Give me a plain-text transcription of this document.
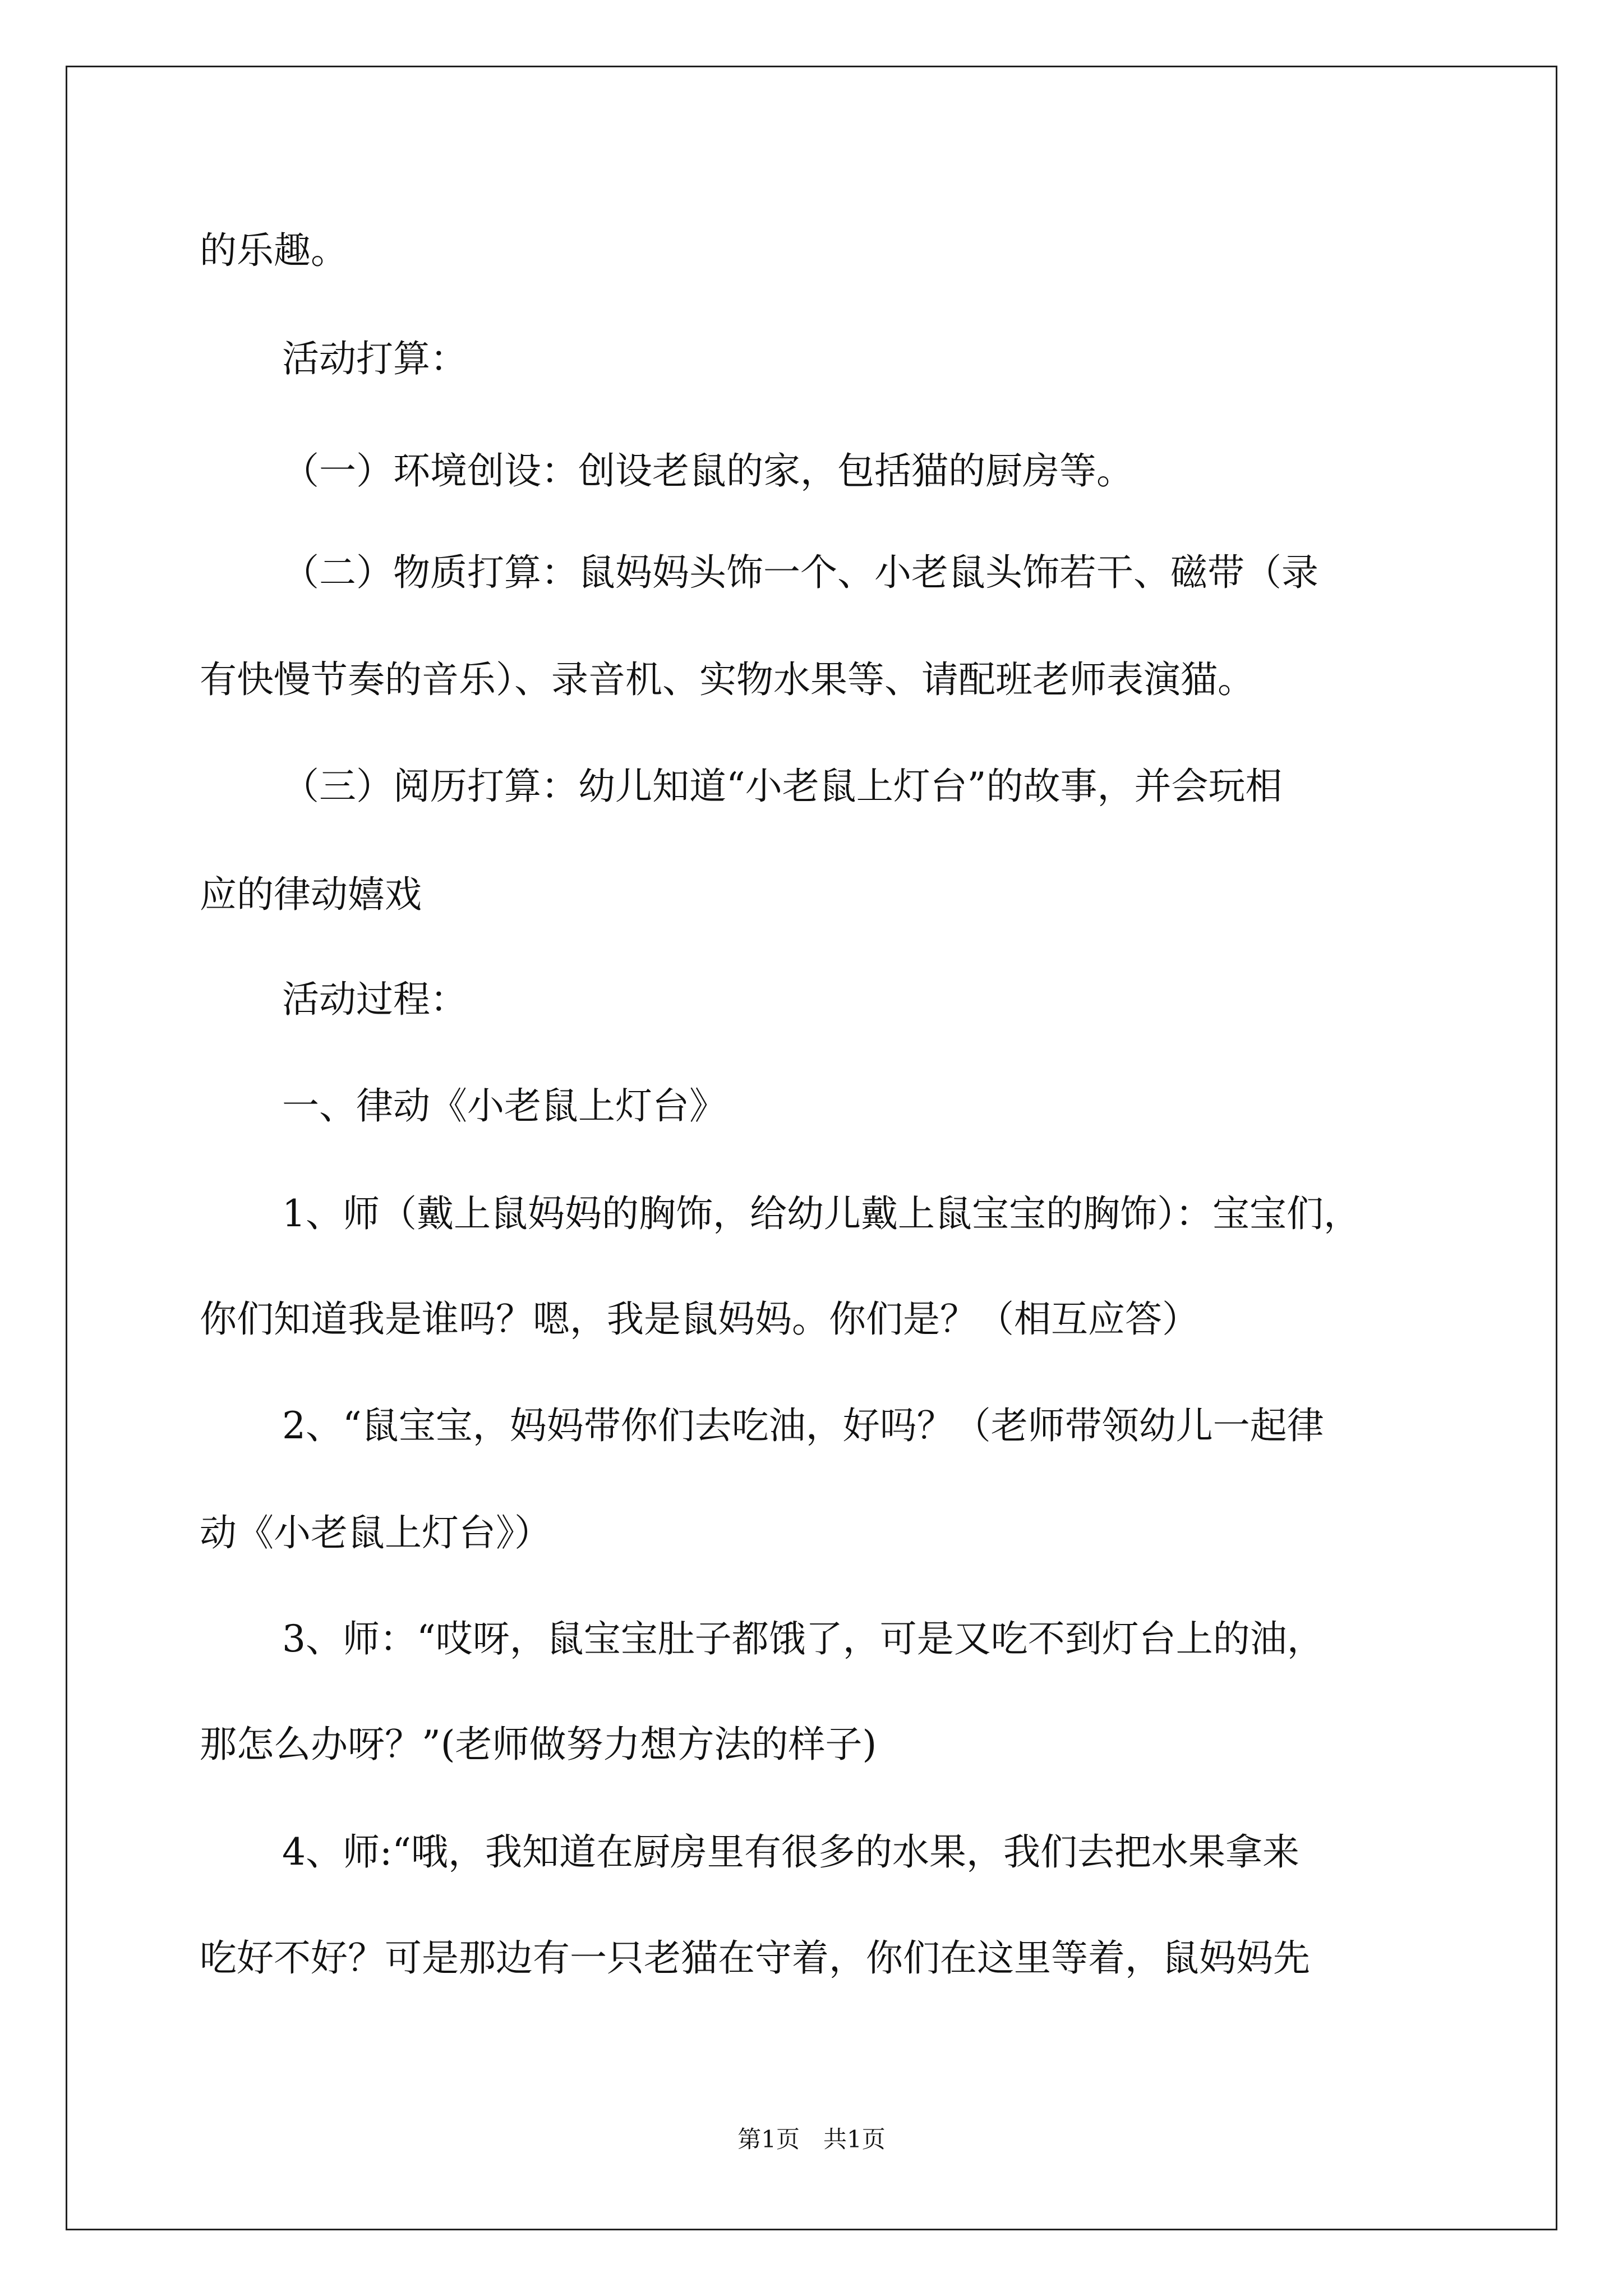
的乐趣。
活动打算：
（一）环境创设：创设老鼠的家，包括猫的厨房等。
（二）物质打算：鼠妈妈头饰一个、小老鼠头饰若干、磁带（录
有快慢节奏的音乐）、录音机、实物水果等、请配班老师表演猫。
（三）阅历打算：幼儿知道“小老鼠上灯台”的故事，并会玩相
应的律动嬉戏
活动过程：
一、律动《小老鼠上灯台》
1、师（戴上鼠妈妈的胸饰，给幼儿戴上鼠宝宝的胸饰）：宝宝们，
你们知道我是谁吗？嗯，我是鼠妈妈。你们是？（相互应答）
2、“鼠宝宝，妈妈带你们去吃油，好吗？（老师带领幼儿一起律
动《小老鼠上灯台》）
3、师：“哎呀，鼠宝宝肚子都饿了，可是又吃不到灯台上的油，
那怎么办呀？”(老师做努力想方法的样子)
4、师:“哦，我知道在厨房里有很多的水果，我们去把水果拿来
吃好不好？可是那边有一只老猫在守着，你们在这里等着，鼠妈妈先
第1页　共1页
